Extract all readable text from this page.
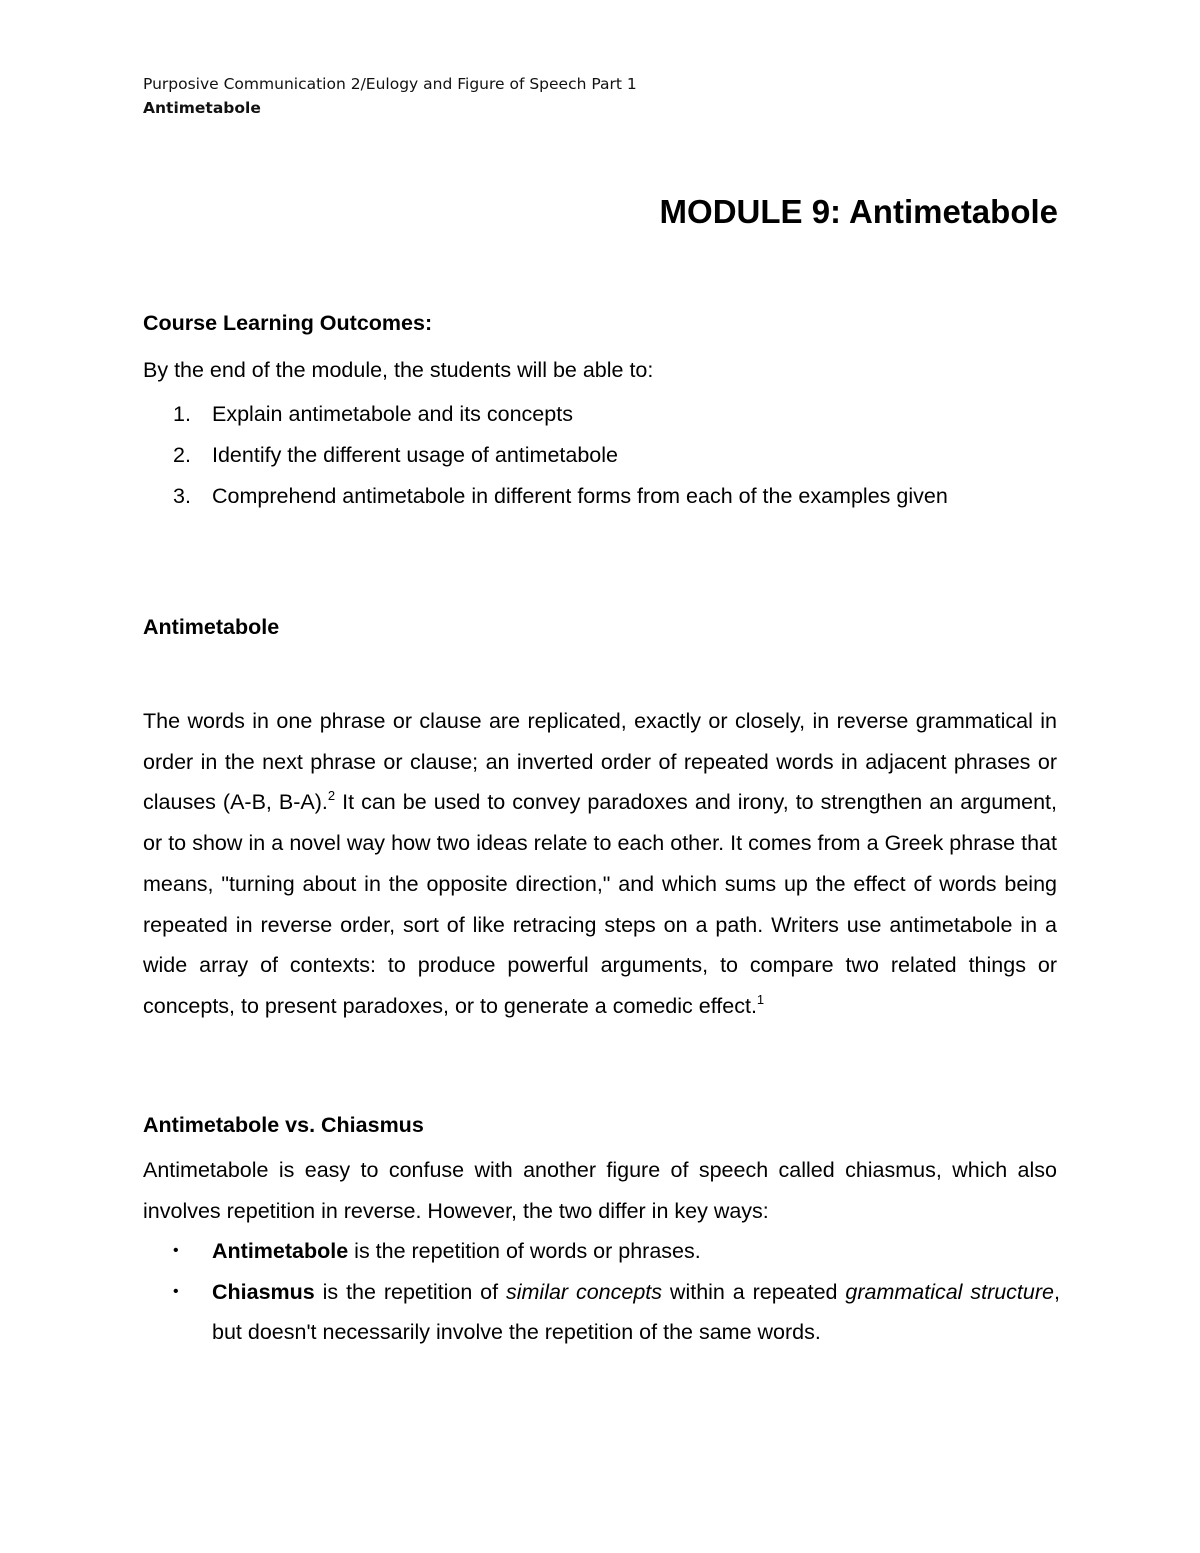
Purposive Communication 2/Eulogy and Figure of Speech Part 1
Antimetabole
MODULE 9: Antimetabole
Course Learning Outcomes:
By the end of the module, the students will be able to:
1. Explain antimetabole and its concepts
2. Identify the different usage of antimetabole
3. Comprehend antimetabole in different forms from each of the examples given
Antimetabole

The words in one phrase or clause are replicated, exactly or closely, in reverse grammatical in order in the next phrase or clause; an inverted order of repeated words in adjacent phrases or clauses (A-B, B-A).$^2$ It can be used to convey paradoxes and irony, to strengthen an argument, or to show in a novel way how two ideas relate to each other. It comes from a Greek phrase that means, "turning about in the opposite direction," and which sums up the effect of words being repeated in reverse order, sort of like retracing steps on a path. Writers use antimetabole in a wide array of contexts: to produce powerful arguments, to compare two related things or concepts, to present paradoxes, or to generate a comedic effect.$^1$

Antimetabole vs. Chiasmus
Antimetabole is easy to confuse with another figure of speech called chiasmus, which also involves repetition in reverse. However, the two differ in key ways:
• Antimetabole is the repetition of words or phrases.
• Chiasmus is the repetition of similar concepts within a repeated grammatical structure, but doesn't necessarily involve the repetition of the same words.
